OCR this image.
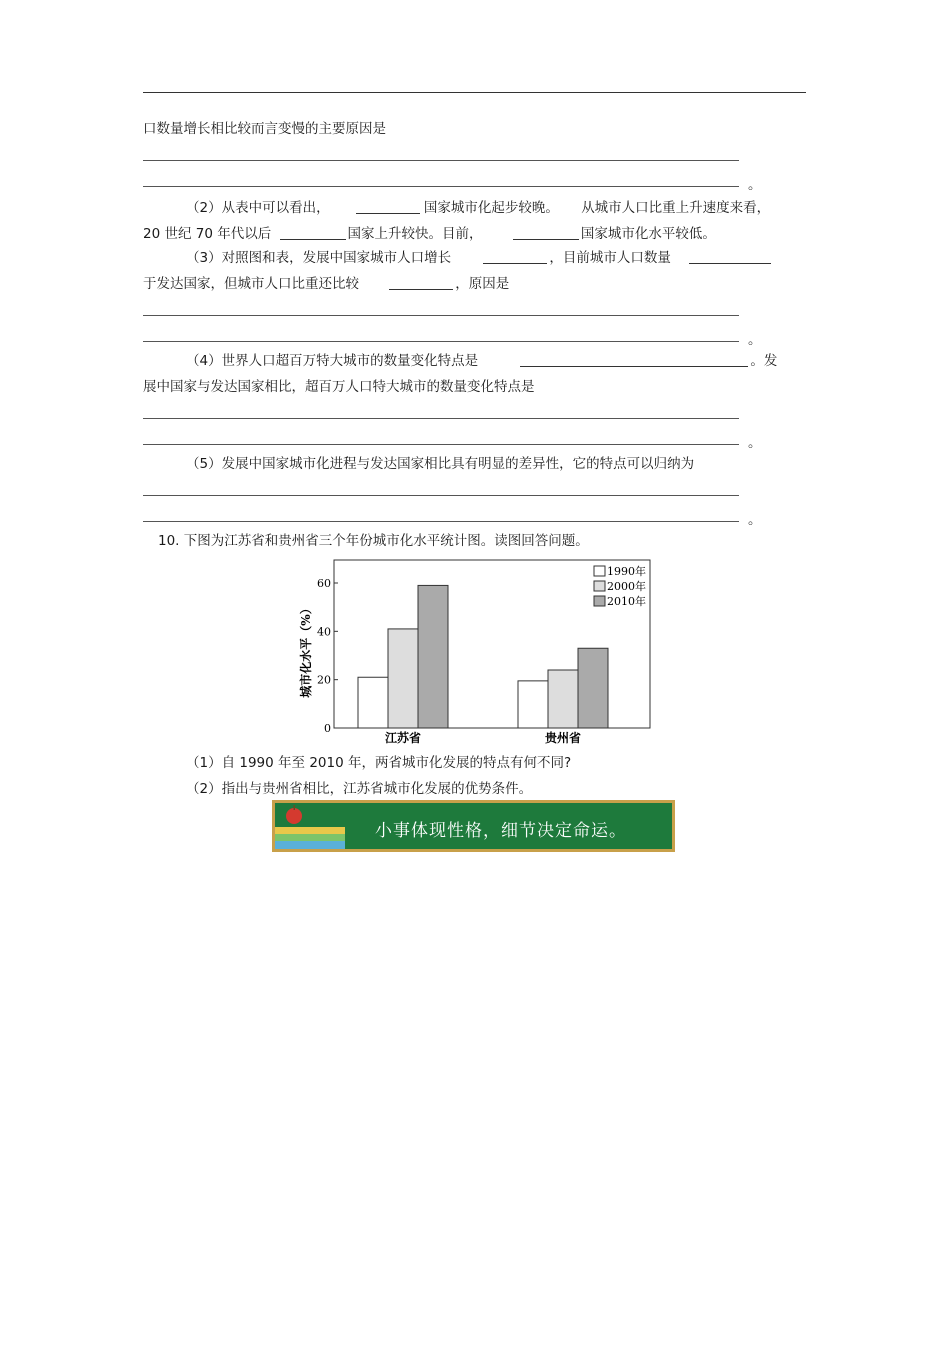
口数量增长相比较而言变慢的主要原因是
。
（2）从表中可以看出，	国家城市化起步较晚。 从城市人口比重上升速度来看，
20 世纪 70 年代以后	国家上升较快。目前，	国家城市化水平较低。
（3）对照图和表，发展中国家城市人口增长	，目前城市人口数量
于发达国家，但城市人口比重还比较	，原因是
。
（4）世界人口超百万特大城市的数量变化特点是	。发
展中国家与发达国家相比，超百万人口特大城市的数量变化特点是
。
（5）发展中国家城市化进程与发达国家相比具有明显的差异性，它的特点可以归纳为
。
10. 下图为江苏省和贵州省三个年份城市化水平统计图。读图回答问题。
0
20
40
60
江苏省	贵州省
1990年
2000年
2010年
城市化水平（%）
（1）自 1990 年至 2010 年，两省城市化发展的特点有何不同?
（2）指出与贵州省相比，江苏省城市化发展的优势条件。
小事体现性格，细节决定命运。
